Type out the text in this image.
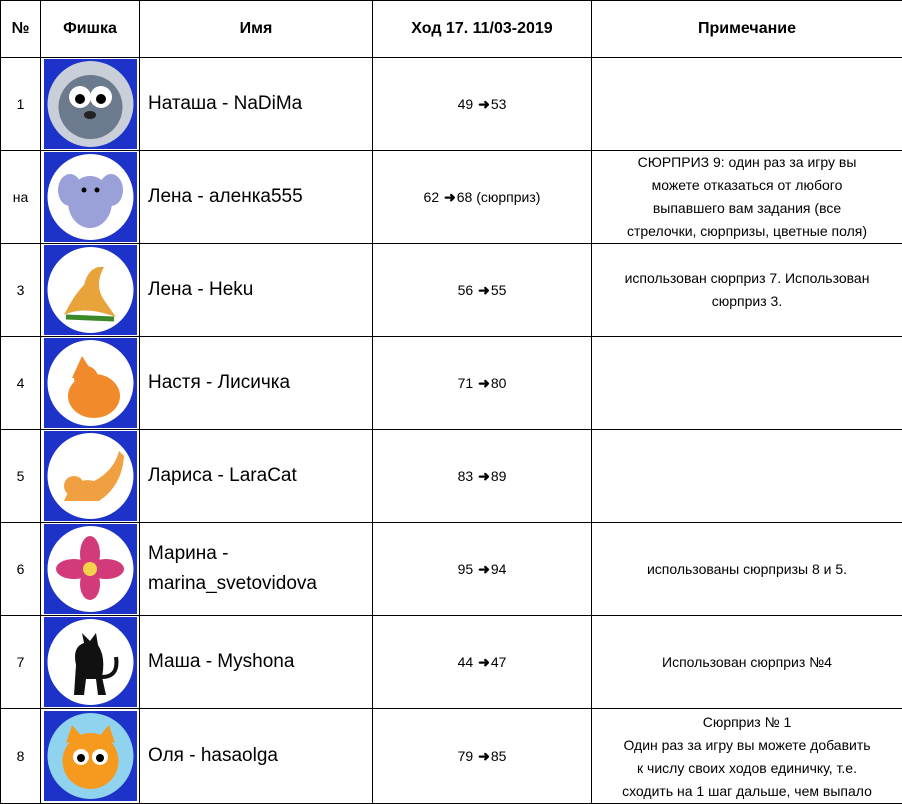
№	Фишка	Имя	Ход 17. 11/03-2019	Примечание
1		Наташа - NaDiMa	49 ➜53	
на		Лена - аленка555	62 ➜68 (сюрприз)	СЮРПРИЗ 9: один раз за игру вы
можете отказаться от любого
выпавшего вам задания (все
стрелочки, сюрпризы, цветные поля)
3		Лена - Heku	56 ➜55	использован сюрприз 7. Использован
сюрприз 3.
4		Настя - Лисичка	71 ➜80	
5		Лариса - LaraCat	83 ➜89	
6		Марина -
marina_svetovidova	95 ➜94	использованы сюрпризы 8 и 5.
7		Маша - Myshona	44 ➜47	Использован сюрприз №4
8		Оля - hasaolga	79 ➜85	Сюрприз № 1
Один раз за игру вы можете добавить
к числу своих ходов единичку, т.е.
сходить на 1 шаг дальше, чем выпало
